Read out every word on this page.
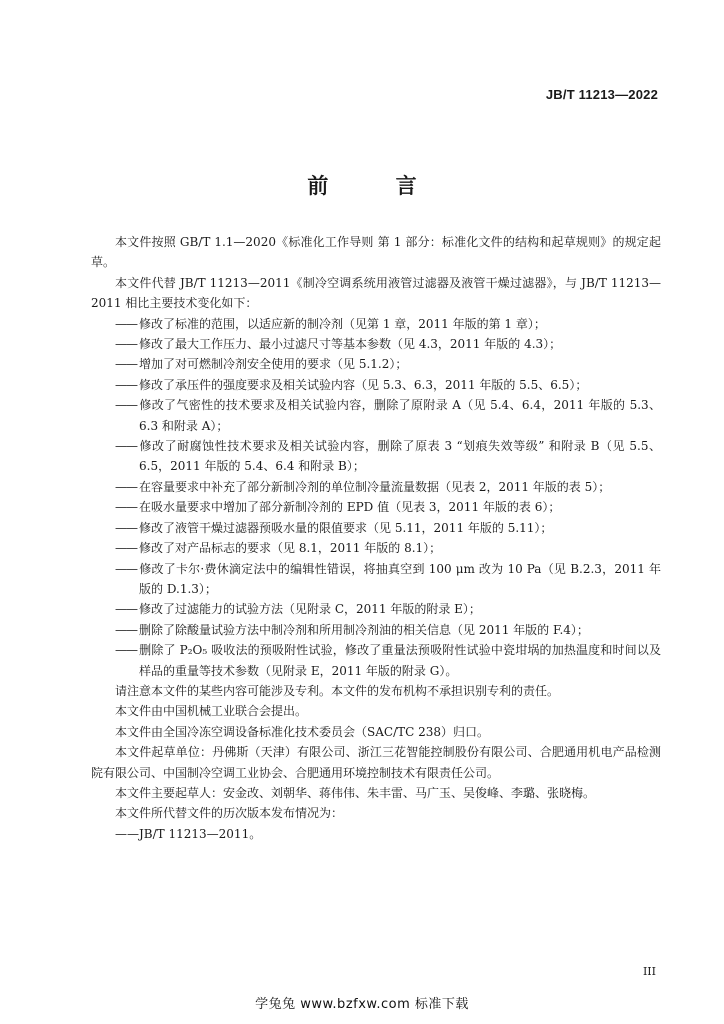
JB/T 11213—2022
前 言

本文件按照 GB/T 1.1—2020《标准化工作导则 第 1 部分：标准化文件的结构和起草规则》的规定起草。

本文件代替 JB/T 11213—2011《制冷空调系统用液管过滤器及液管干燥过滤器》，与 JB/T 11213—2011 相比主要技术变化如下：

—— 修改了标准的范围，以适应新的制冷剂（见第 1 章，2011 年版的第 1 章）；
—— 修改了最大工作压力、最小过滤尺寸等基本参数（见 4.3，2011 年版的 4.3）；
—— 增加了对可燃制冷剂安全使用的要求（见 5.1.2）；
—— 修改了承压件的强度要求及相关试验内容（见 5.3、6.3，2011 年版的 5.5、6.5）；
—— 修改了气密性的技术要求及相关试验内容，删除了原附录 A（见 5.4、6.4，2011 年版的 5.3、6.3 和附录 A）；
—— 修改了耐腐蚀性技术要求及相关试验内容，删除了原表 3 “划痕失效等级” 和附录 B（见 5.5、6.5，2011 年版的 5.4、6.4 和附录 B）；
—— 在容量要求中补充了部分新制冷剂的单位制冷量流量数据（见表 2，2011 年版的表 5）；
—— 在吸水量要求中增加了部分新制冷剂的 EPD 值（见表 3，2011 年版的表 6）；
—— 修改了液管干燥过滤器预吸水量的限值要求（见 5.11，2011 年版的 5.11）；
—— 修改了对产品标志的要求（见 8.1，2011 年版的 8.1）；
—— 修改了卡尔·费休滴定法中的编辑性错误，将抽真空到 100 μm 改为 10 Pa（见 B.2.3，2011 年版的 D.1.3）；
—— 修改了过滤能力的试验方法（见附录 C，2011 年版的附录 E）；
—— 删除了除酸量试验方法中制冷剂和所用制冷剂油的相关信息（见 2011 年版的 F.4）；
—— 删除了 P₂O₅ 吸收法的预吸附性试验，修改了重量法预吸附性试验中瓷坩埚的加热温度和时间以及样品的重量等技术参数（见附录 E，2011 年版的附录 G）。

请注意本文件的某些内容可能涉及专利。本文件的发布机构不承担识别专利的责任。

本文件由中国机械工业联合会提出。

本文件由全国冷冻空调设备标准化技术委员会（SAC/TC 238）归口。

本文件起草单位：丹佛斯（天津）有限公司、浙江三花智能控制股份有限公司、合肥通用机电产品检测院有限公司、中国制冷空调工业协会、合肥通用环境控制技术有限责任公司。

本文件主要起草人：安金改、刘朝华、蒋伟伟、朱丰雷、马广玉、吴俊峰、李璐、张晓梅。

本文件所代替文件的历次版本发布情况为：

——JB/T 11213—2011。

III
学兔兔 www.bzfxw.com 标准下载
